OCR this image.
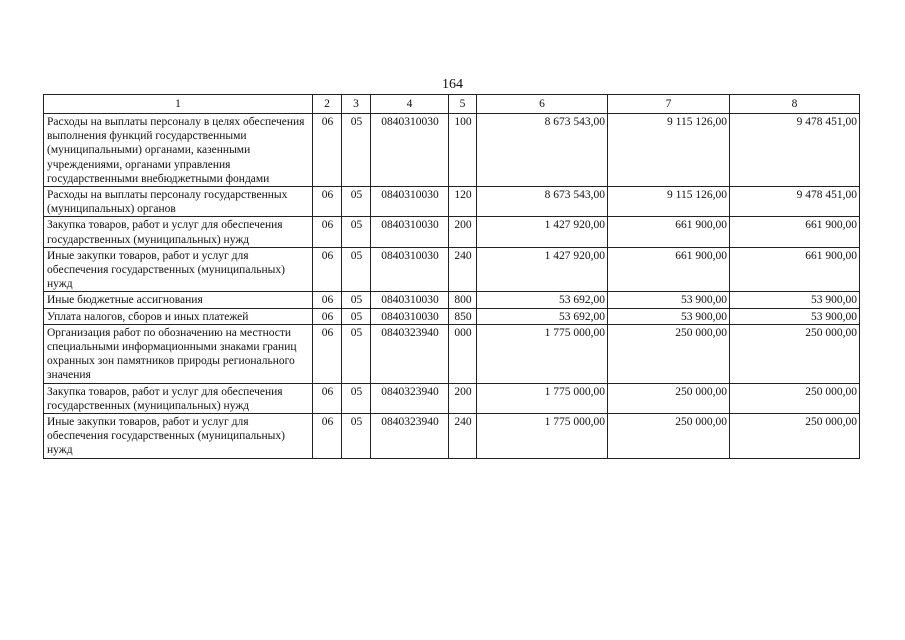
164
1	2	3	4	5	6	7	8
Расходы на выплаты персоналу в целях обеспечения выполнения функций государственными (муниципальными) органами, казенными учреждениями, органами управления государственными внебюджетными фондами	06	05	0840310030	100	8 673 543,00	9 115 126,00	9 478 451,00
Расходы на выплаты персоналу государственных (муниципальных) органов	06	05	0840310030	120	8 673 543,00	9 115 126,00	9 478 451,00
Закупка товаров, работ и услуг для обеспечения государственных (муниципальных) нужд	06	05	0840310030	200	1 427 920,00	661 900,00	661 900,00
Иные закупки товаров, работ и услуг для обеспечения государственных (муниципальных) нужд	06	05	0840310030	240	1 427 920,00	661 900,00	661 900,00
Иные бюджетные ассигнования	06	05	0840310030	800	53 692,00	53 900,00	53 900,00
Уплата налогов, сборов и иных платежей	06	05	0840310030	850	53 692,00	53 900,00	53 900,00
Организация работ по обозначению на местности специальными информационными знаками границ охранных зон памятников природы регионального значения	06	05	0840323940	000	1 775 000,00	250 000,00	250 000,00
Закупка товаров, работ и услуг для обеспечения государственных (муниципальных) нужд	06	05	0840323940	200	1 775 000,00	250 000,00	250 000,00
Иные закупки товаров, работ и услуг для обеспечения государственных (муниципальных) нужд	06	05	0840323940	240	1 775 000,00	250 000,00	250 000,00
